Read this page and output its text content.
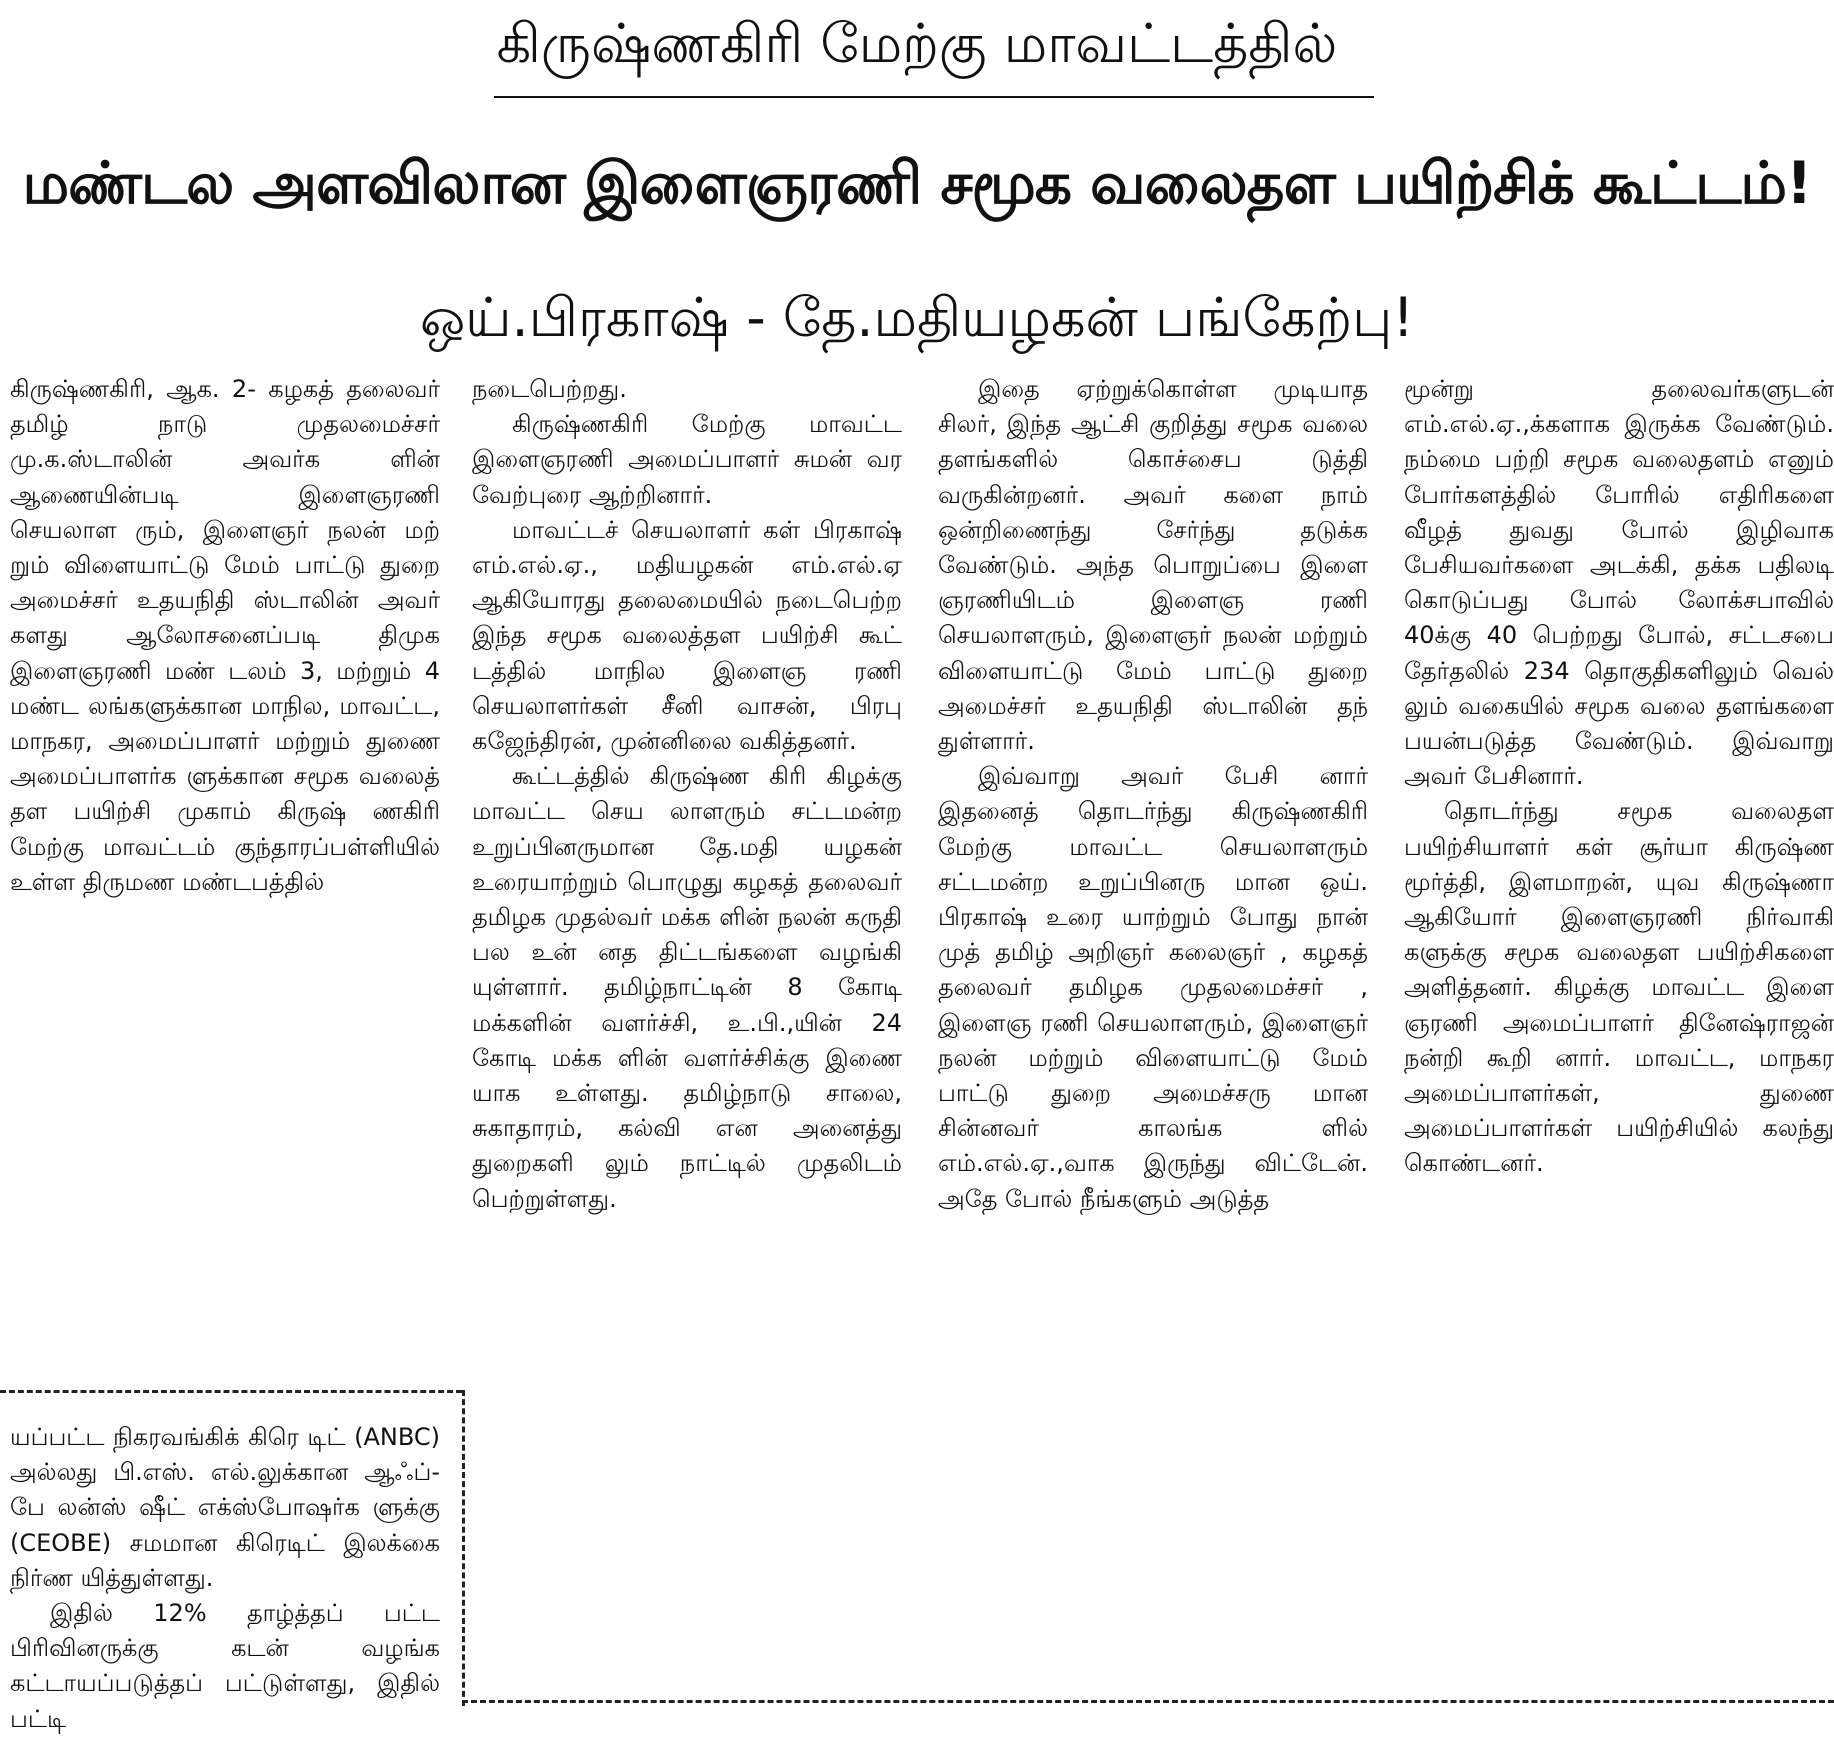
கிருஷ்ணகிரி மேற்கு மாவட்டத்தில்
மண்டல அளவிலான இளைஞரணி சமூக வலைதள பயிற்சிக் கூட்டம்!
ஒய்.பிரகாஷ் - தே.மதியழகன் பங்கேற்பு!

கிருஷ்ணகிரி, ஆக. 2- கழகத் தலைவர் தமிழ் நாடு முதலமைச்சர் மு.க.ஸ்டாலின் அவர்க ளின் ஆணையின்படி இளைஞரணி செயலாள ரும், இளைஞர் நலன் மற் றும் விளையாட்டு மேம் பாட்டு துறை அமைச்சர் உதயநிதி ஸ்டாலின் அவர் களது ஆலோசனைப்படி திமுக இளைஞரணி மண் டலம் 3, மற்றும் 4 மண்ட லங்களுக்கான மாநில, மாவட்ட, மாநகர, அமைப்பாளர் மற்றும் துணை அமைப்பாளர்க ளுக்கான சமூக வலைத் தள பயிற்சி முகாம் கிருஷ் ணகிரி மேற்கு மாவட்டம் குந்தாரப்பள்ளியில் உள்ள திருமண மண்டபத்தில்

நடைபெற்றது.

கிருஷ்ணகிரி மேற்கு மாவட்ட இளைஞரணி அமைப்பாளர் சுமன் வர வேற்புரை ஆற்றினார்.

மாவட்டச் செயலாளர் கள் பிரகாஷ் எம்.எல்.ஏ., மதியழகன் எம்.எல்.ஏ ஆகியோரது தலைமையில் நடைபெற்ற இந்த சமூக வலைத்தள பயிற்சி கூட் டத்தில் மாநில இளைஞ ரணி செயலாளர்கள் சீனி வாசன், பிரபு கஜேந்திரன், முன்னிலை வகித்தனர்.

கூட்டத்தில் கிருஷ்ண கிரி கிழக்கு மாவட்ட செய லாளரும் சட்டமன்ற உறுப்பினருமான தே.மதி யழகன் உரையாற்றும் பொழுது கழகத் தலைவர் தமிழக முதல்வர் மக்க ளின் நலன் கருதி பல உன் னத திட்டங்களை வழங்கி யுள்ளார். தமிழ்நாட்டின் 8 கோடி மக்களின் வளர்ச்சி, உ.பி.,யின் 24 கோடி மக்க ளின் வளர்ச்சிக்கு இணை யாக உள்ளது. தமிழ்நாடு சாலை, சுகாதாரம், கல்வி என அனைத்து துறைகளி லும் நாட்டில் முதலிடம் பெற்றுள்ளது.

இதை ஏற்றுக்கொள்ள முடியாத சிலர், இந்த ஆட்சி குறித்து சமூக வலை தளங்களில் கொச்சைப டுத்தி வருகின்றனர். அவர் களை நாம் ஒன்றிணைந்து சேர்ந்து தடுக்க வேண்டும். அந்த பொறுப்பை இளை ஞரணியிடம் இளைஞ ரணி செயலாளரும், இளைஞர் நலன் மற்றும் விளையாட்டு மேம் பாட்டு துறை அமைச்சர் உதயநிதி ஸ்டாலின் தந் துள்ளார்.

இவ்வாறு அவர் பேசி னார் இதனைத் தொடர்ந்து கிருஷ்ணகிரி மேற்கு மாவட்ட செயலாளரும் சட்டமன்ற உறுப்பினரு மான ஒய். பிரகாஷ் உரை யாற்றும் போது நான் முத் தமிழ் அறிஞர் கலைஞர் , கழகத் தலைவர் தமிழக முதலமைச்சர் , இளைஞ ரணி செயலாளரும், இளைஞர் நலன் மற்றும் விளையாட்டு மேம் பாட்டு துறை அமைச்சரு மான சின்னவர் காலங்க ளில் எம்.எல்.ஏ.,வாக இருந்து விட்டேன். அதே போல் நீங்களும் அடுத்த

மூன்று தலைவர்களுடன் எம்.எல்.ஏ.,க்களாக இருக்க வேண்டும். நம்மை பற்றி சமூக வலைதளம் எனும் போர்களத்தில் போரில் எதிரிகளை வீழத் துவது போல் இழிவாக பேசியவர்களை அடக்கி, தக்க பதிலடி கொடுப்பது போல் லோக்சபாவில் 40க்கு 40 பெற்றது போல், சட்டசபை தேர்தலில் 234 தொகுதிகளிலும் வெல் லும் வகையில் சமூக வலை தளங்களை பயன்படுத்த வேண்டும். இவ்வாறு அவர் பேசினார்.

தொடர்ந்து சமூக வலைதள பயிற்சியாளர் கள் சூர்யா கிருஷ்ண மூர்த்தி, இளமாறன், யுவ கிருஷ்ணா ஆகியோர் இளைஞரணி நிர்வாகி களுக்கு சமூக வலைதள பயிற்சிகளை அளித்தனர். கிழக்கு மாவட்ட இளை ஞரணி அமைப்பாளர் தினேஷ்ராஜன் நன்றி கூறி னார். மாவட்ட, மாநகர அமைப்பாளர்கள், துணை அமைப்பாளர்கள் பயிற்சியில் கலந்து கொண்டனர்.

யப்பட்ட நிகரவங்கிக் கிரெ டிட் (ANBC) அல்லது பி.எஸ். எல்.லுக்கான ஆஃப்-பே லன்ஸ் ஷீட் எக்ஸ்போஷர்க ளுக்கு (CEOBE) சமமான கிரெடிட் இலக்கை நிர்ண யித்துள்ளது.

இதில் 12% தாழ்த்தப் பட்ட பிரிவினருக்கு கடன் வழங்க கட்டாயப்படுத்தப் பட்டுள்ளது, இதில் பட்டி
